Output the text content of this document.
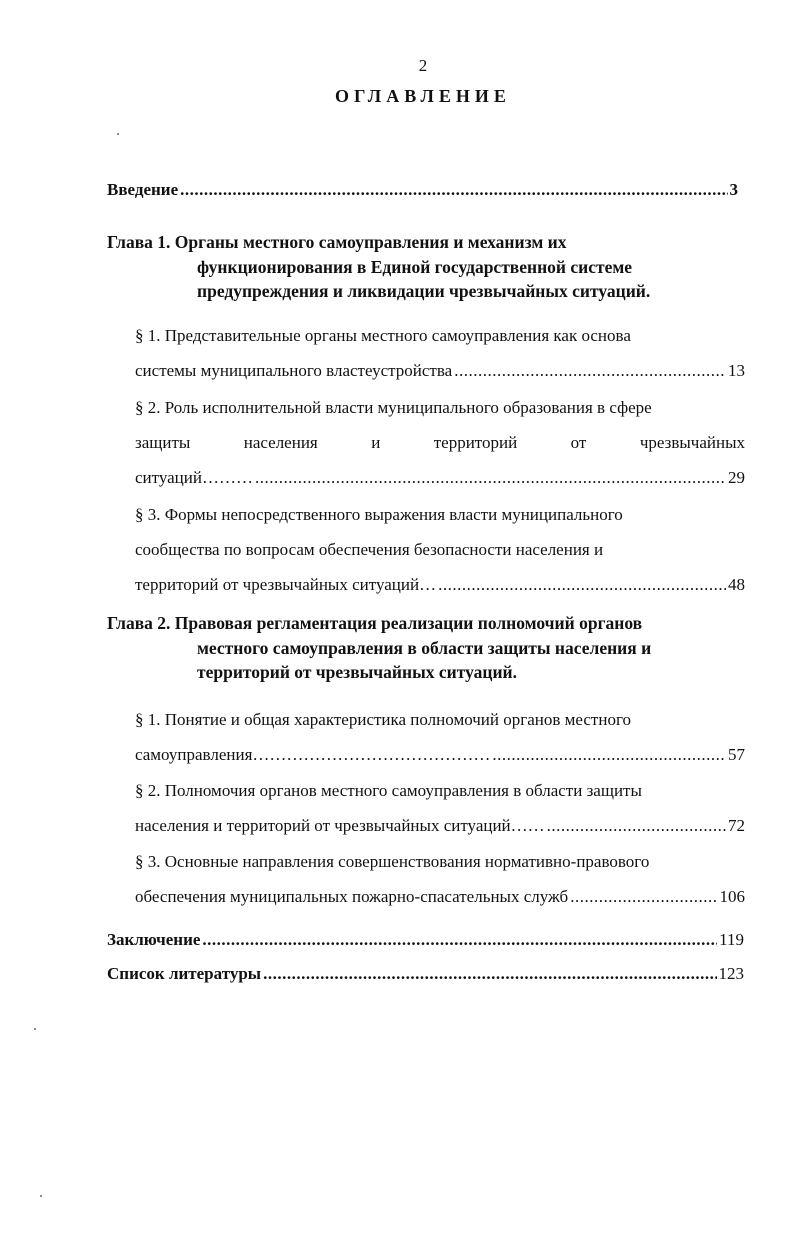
2
ОГЛАВЛЕНИЕ
Введение .....	3
Глава 1. Органы местного самоуправления и механизм их
функционирования в Единой государственной системе
предупреждения и ликвидации чрезвычайных ситуаций.
§ 1. Представительные органы местного самоуправления как основа
системы муниципального властеустройства .....	13
§ 2. Роль исполнительной власти муниципального образования в сфере
защиты	населения	и	территорий	от	чрезвычайных
ситуаций……… .....	29
§ 3. Формы непосредственного выражения власти муниципального
сообщества по вопросам обеспечения безопасности населения и
территорий от чрезвычайных ситуаций… .....	48
Глава 2. Правовая регламентация реализации полномочий органов
местного самоуправления в области защиты населения и
территорий от чрезвычайных ситуаций.
§ 1. Понятие и общая характеристика полномочий органов местного
самоуправления…………………………………… .....	57
§ 2. Полномочия органов местного самоуправления в области защиты
населения и территорий от чрезвычайных ситуаций…… .....	72
§ 3. Основные направления совершенствования нормативно-правового
обеспечения муниципальных пожарно-спасательных служб .....	106
Заключение .....	119
Список литературы .....	123
